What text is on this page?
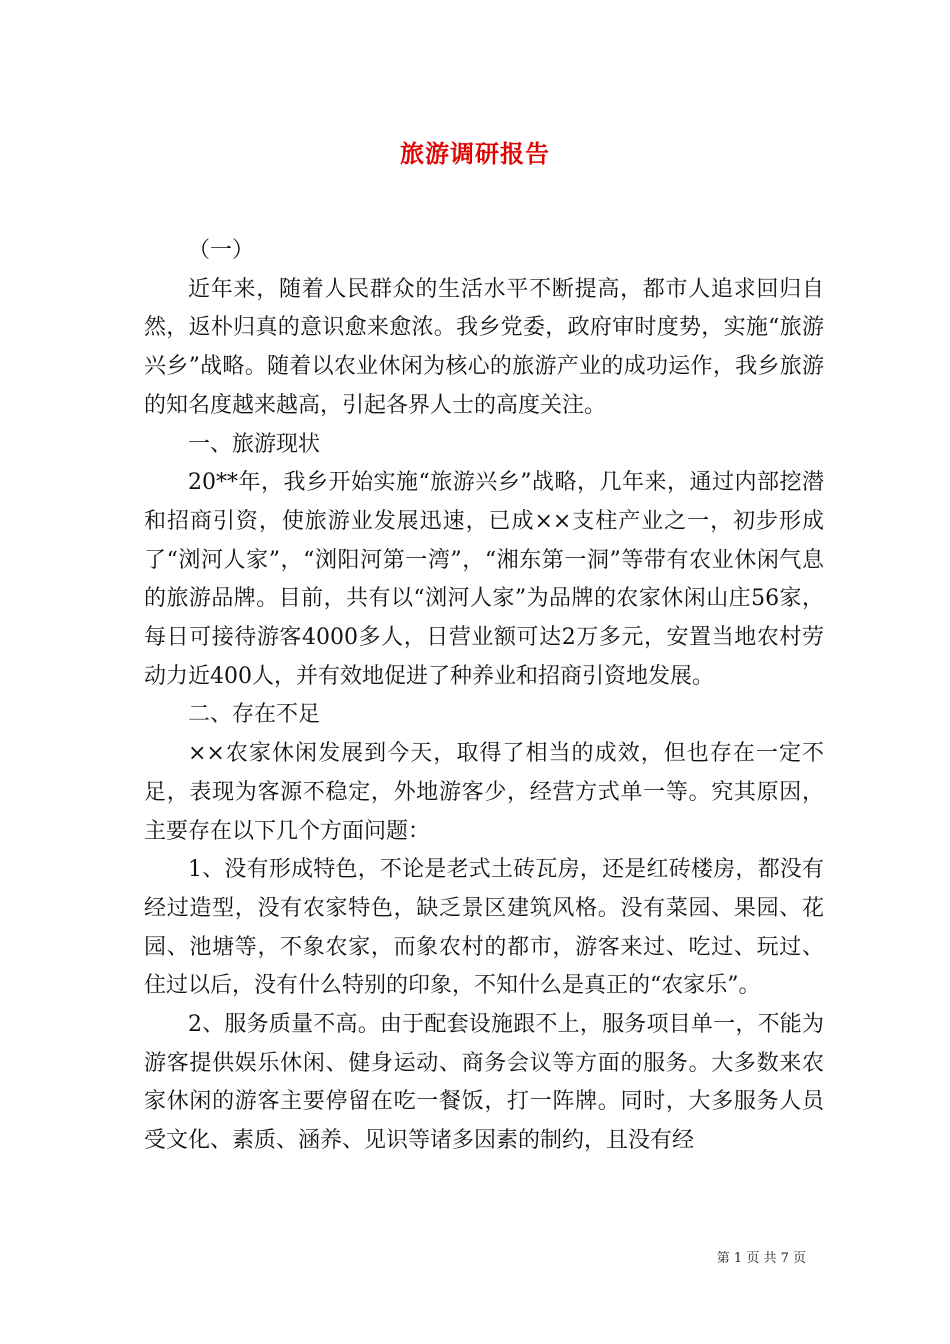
旅游调研报告

（一）

近年来，随着人民群众的生活水平不断提高，都市人追求回归自然，返朴归真的意识愈来愈浓。我乡党委，政府审时度势，实施“旅游兴乡”战略。随着以农业休闲为核心的旅游产业的成功运作，我乡旅游的知名度越来越高，引起各界人士的高度关注。

一、旅游现状

20**年，我乡开始实施“旅游兴乡”战略，几年来，通过内部挖潜和招商引资，使旅游业发展迅速，已成××支柱产业之一，初步形成了“浏河人家”，“浏阳河第一湾”，“湘东第一洞”等带有农业休闲气息的旅游品牌。目前，共有以“浏河人家”为品牌的农家休闲山庄56家，每日可接待游客4000多人，日营业额可达2万多元，安置当地农村劳动力近400人，并有效地促进了种养业和招商引资地发展。

二、存在不足

××农家休闲发展到今天，取得了相当的成效，但也存在一定不足，表现为客源不稳定，外地游客少，经营方式单一等。究其原因，主要存在以下几个方面问题：

1、没有形成特色，不论是老式土砖瓦房，还是红砖楼房，都没有经过造型，没有农家特色，缺乏景区建筑风格。没有菜园、果园、花园、池塘等，不象农家，而象农村的都市，游客来过、吃过、玩过、住过以后，没有什么特别的印象，不知什么是真正的“农家乐”。

2、服务质量不高。由于配套设施跟不上，服务项目单一，不能为游客提供娱乐休闲、健身运动、商务会议等方面的服务。大多数来农家休闲的游客主要停留在吃一餐饭，打一阵牌。同时，大多服务人员受文化、素质、涵养、见识等诸多因素的制约，且没有经

第 1 页 共 7 页
